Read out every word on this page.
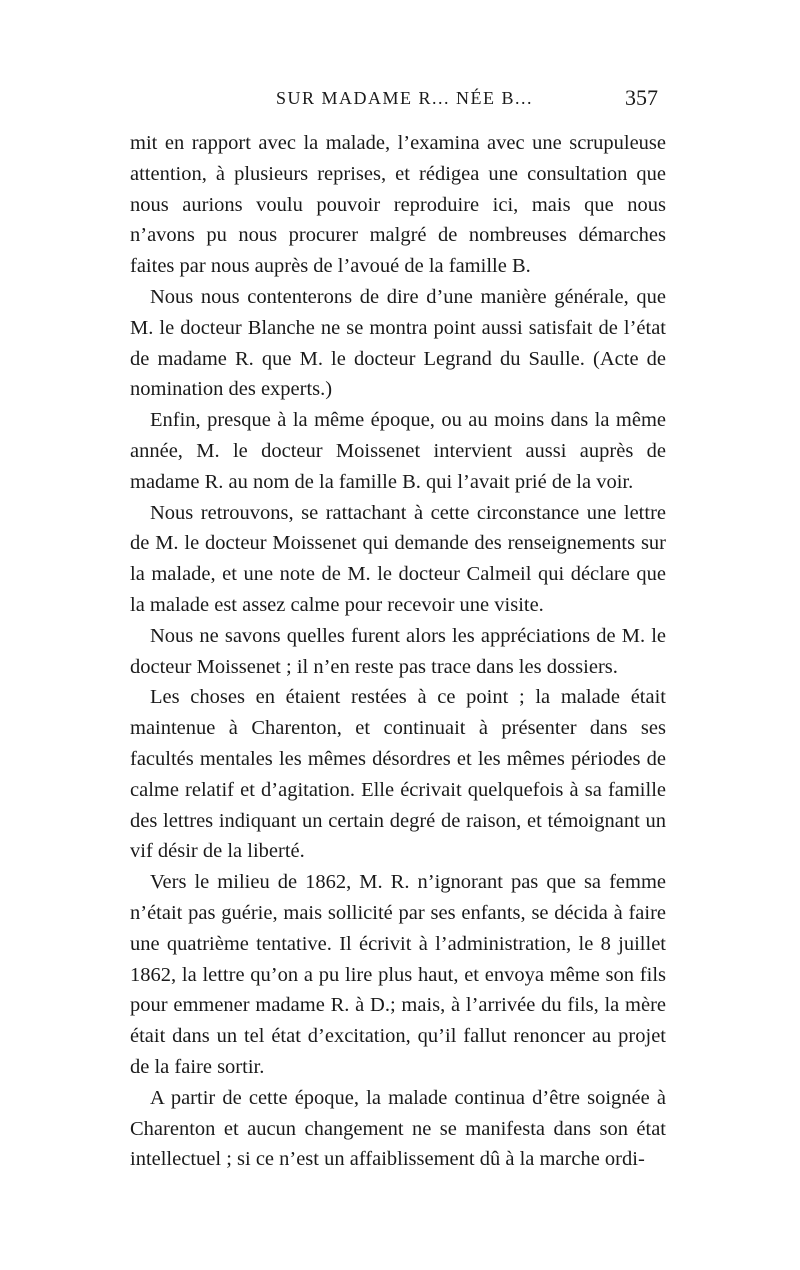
SUR MADAME R... NÉE B...	357

mit en rapport avec la malade, l’examina avec une scrupuleuse attention, à plusieurs reprises, et rédigea une consultation que nous aurions voulu pouvoir reproduire ici, mais que nous n’avons pu nous procurer malgré de nombreuses démarches faites par nous auprès de l’avoué de la famille B.

Nous nous contenterons de dire d’une manière générale, que M. le docteur Blanche ne se montra point aussi satisfait de l’état de madame R. que M. le docteur Legrand du Saulle. (Acte de nomination des experts.)

Enfin, presque à la même époque, ou au moins dans la même année, M. le docteur Moissenet intervient aussi auprès de madame R. au nom de la famille B. qui l’avait prié de la voir.

Nous retrouvons, se rattachant à cette circonstance une lettre de M. le docteur Moissenet qui demande des renseignements sur la malade, et une note de M. le docteur Calmeil qui déclare que la malade est assez calme pour recevoir une visite.

Nous ne savons quelles furent alors les appréciations de M. le docteur Moissenet ; il n’en reste pas trace dans les dossiers.

Les choses en étaient restées à ce point ; la malade était maintenue à Charenton, et continuait à présenter dans ses facultés mentales les mêmes désordres et les mêmes périodes de calme relatif et d’agitation. Elle écrivait quelquefois à sa famille des lettres indiquant un certain degré de raison, et témoignant un vif désir de la liberté.

Vers le milieu de 1862, M. R. n’ignorant pas que sa femme n’était pas guérie, mais sollicité par ses enfants, se décida à faire une quatrième tentative. Il écrivit à l’administration, le 8 juillet 1862, la lettre qu’on a pu lire plus haut, et envoya même son fils pour emmener madame R. à D.; mais, à l’arrivée du fils, la mère était dans un tel état d’excitation, qu’il fallut renoncer au projet de la faire sortir.

A partir de cette époque, la malade continua d’être soignée à Charenton et aucun changement ne se manifesta dans son état intellectuel ; si ce n’est un affaiblissement dû à la marche ordi-
